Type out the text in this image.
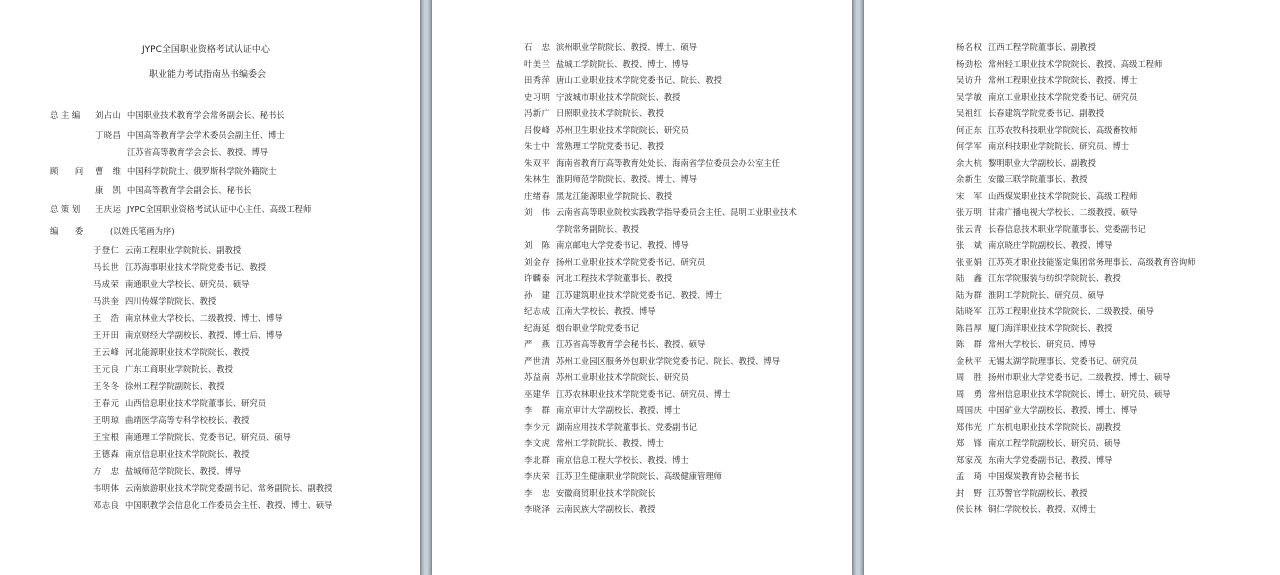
JYPC全国职业资格考试认证中心
职业能力考试指南丛书编委会
总 主 编 刘占山 中国职业技术教育学会常务副会长、秘书长
丁晓昌 中国高等教育学会学术委员会副主任、博士
江苏省高等教育学会会长、教授、博导
顾　　问 曹　维 中国科学院院士、俄罗斯科学院外籍院士
康　凯 中国高等教育学会副会长、秘书长
总 策 划 王庆运 JYPC全国职业资格考试认证中心主任、高级工程师
编　　委	(以姓氏笔画为序)
于登仁 云南工程职业学院院长、副教授
马长世 江苏海事职业技术学院党委书记、教授
马成荣 南通职业大学校长、研究员、硕导
马洪奎 四川传媒学院院长、教授
王　浩 南京林业大学校长、二级教授、博士、博导
王开田 南京财经大学副校长、教授、博士后、博导
王云峰 河北能源职业技术学院院长、教授
王元良 广东工商职业学院院长、教授
王冬冬 徐州工程学院副院长、教授
王春元 山西信息职业技术学院董事长、研究员
王明琼 曲靖医学高等专科学校校长、教授
王宝根 南通理工学院院长、党委书记、研究员、硕导
王德森 南京信息职业技术学院院长、教授
方　忠 盐城师范学院院长、教授、博导
韦明体 云南旅游职业技术学院党委副书记、常务副院长、副教授
邓志良 中国职教学会信息化工作委员会主任、教授、博士、硕导
石　忠 滨州职业学院院长、教授、博士、硕导
叶美兰 盐城工学院院长、教授、博士、博导
田秀萍 唐山工业职业技术学院党委书记、院长、教授
史习明 宁波城市职业技术学院院长、教授
冯新广 日照职业技术学院院长、教授
吕俊峰 苏州卫生职业技术学院院长、研究员
朱士中 常熟理工学院党委书记、教授
朱双平 海南省教育厅高等教育处处长、海南省学位委员会办公室主任
朱林生 淮阴师范学院院长、教授、博士、博导
庄绪春 黑龙江能源职业学院院长、教授
刘　伟 云南省高等职业院校实践教学指导委员会主任、昆明工业职业技术
学院常务副院长、教授
刘　陈 南京邮电大学党委书记、教授、博导
刘金存 扬州工业职业技术学院党委书记、研究员
许麟泰 河北工程技术学院董事长、教授
孙　建 江苏建筑职业技术学院党委书记、教授、博士
纪志成 江南大学校长、教授、博导
纪海延 烟台职业学院党委书记
严　燕 江苏省高等教育学会秘书长、教授、硕导
严世清 苏州工业园区服务外包职业学院党委书记、院长、教授、博导
苏益南 苏州工业职业技术学院院长、研究员
巫建华 江苏农林职业技术学院党委书记、研究员、博士
李　群 南京审计大学副校长、教授、博士
李少元 湖南应用技术学院董事长、党委副书记
李文虎 常州工学院院长、教授、博士
李北群 南京信息工程大学校长、教授、博士
李庆荣 江苏卫生健康职业学院院长、高级健康管理师
李　忠 安徽商贸职业技术学院院长
李晓泽 云南民族大学副校长、教授
杨名权 江西工程学院董事长、副教授
杨劲松 常州轻工职业技术学院院长、教授、高级工程师
吴访升 常州工程职业技术学院院长、教授、博士
吴学敏 南京工业职业技术学院党委书记、研究员
吴祖红 长春建筑学院党委书记、副教授
何正东 江苏农牧科技职业学院院长、高级畜牧师
何学军 南京科技职业学院院长、研究员、博士
余大杭 黎明职业大学副校长、副教授
余新生 安徽三联学院董事长、教授
宋　军 山西煤炭职业技术学院院长、高级工程师
张万明 甘肃广播电视大学校长、二级教授、硕导
张云青 长春信息技术职业学院董事长、党委副书记
张　斌 南京晓庄学院副校长、教授、博导
张亚娟 江苏英才职业技能鉴定集团常务理事长、高级教育咨询师
陆　鑫 江东学院服装与纺织学院院长、教授
陆为群 淮阴工学院院长、研究员、硕导
陆晓军 江苏工程职业技术学院院长、二级教授、硕导
陈昌厚 厦门海洋职业技术学院院长、教授
陈　群 常州大学校长、研究员、博导
金秋平 无锡太湖学院理事长、党委书记、研究员
周　胜 扬州市职业大学党委书记、二级教授、博士、硕导
周　勇 常州信息职业技术学院院长、博士、研究员、硕导
周国庆 中国矿业大学副校长、教授、博士、博导
郑伟光 广东机电职业技术学院院长、副教授
郑　锋 南京工程学院副校长、研究员、硕导
郑家茂 东南大学党委副书记、教授、博导
孟　琦 中国煤炭教育协会秘书长
封　野 江苏警官学院副校长、教授
侯长林 铜仁学院校长、教授、双博士
